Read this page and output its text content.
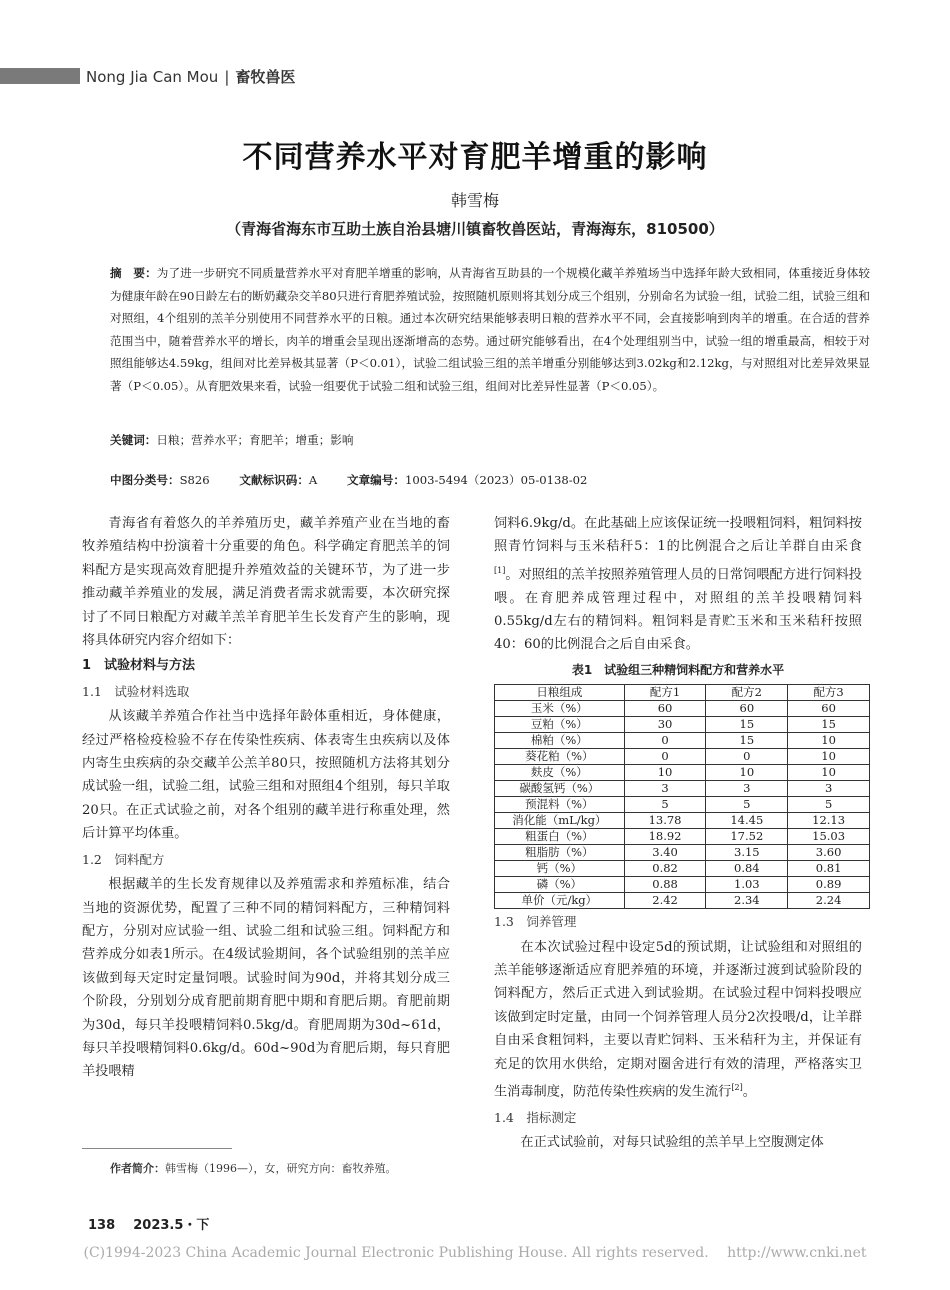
Nong Jia Can Mou | 畜牧兽医
不同营养水平对育肥羊增重的影响
韩雪梅
（青海省海东市互助土族自治县塘川镇畜牧兽医站，青海海东，810500）
摘　要：为了进一步研究不同质量营养水平对育肥羊增重的影响，从青海省互助县的一个规模化藏羊养殖场当中选择年龄大致相同，体重接近身体较为健康年龄在90日龄左右的断奶藏杂交羊80只进行育肥养殖试验，按照随机原则将其划分成三个组别，分别命名为试验一组，试验二组，试验三组和对照组，4个组别的羔羊分别使用不同营养水平的日粮。通过本次研究结果能够表明日粮的营养水平不同，会直接影响到肉羊的增重。在合适的营养范围当中，随着营养水平的增长，肉羊的增重会呈现出逐渐增高的态势。通过研究能够看出，在4个处理组别当中，试验一组的增重最高，相较于对照组能够达4.59kg，组间对比差异极其显著（P＜0.01），试验二组试验三组的羔羊增重分别能够达到3.02kg和2.12kg，与对照组对比差异效果显著（P＜0.05）。从育肥效果来看，试验一组要优于试验二组和试验三组，组间对比差异性显著（P＜0.05）。
关键词：日粮；营养水平；育肥羊；增重；影响
中图分类号：S826	文献标识码：A	文章编号：1003-5494（2023）05-0138-02

青海省有着悠久的羊养殖历史，藏羊养殖产业在当地的畜牧养殖结构中扮演着十分重要的角色。科学确定育肥羔羊的饲料配方是实现高效育肥提升养殖效益的关键环节，为了进一步推动藏羊养殖业的发展，满足消费者需求就需要，本次研究探讨了不同日粮配方对藏羊羔羊育肥羊生长发育产生的影响，现将具体研究内容介绍如下：

1　试验材料与方法
1.1　试验材料选取

从该藏羊养殖合作社当中选择年龄体重相近，身体健康，经过严格检疫检验不存在传染性疾病、体表寄生虫疾病以及体内寄生虫疾病的杂交藏羊公羔羊80只，按照随机方法将其划分成试验一组，试验二组，试验三组和对照组4个组别，每只羊取20只。在正式试验之前，对各个组别的藏羊进行称重处理，然后计算平均体重。

1.2　饲料配方

根据藏羊的生长发育规律以及养殖需求和养殖标准，结合当地的资源优势，配置了三种不同的精饲料配方，三种精饲料配方，分别对应试验一组、试验二组和试验三组。饲料配方和营养成分如表1所示。在4级试验期间，各个试验组别的羔羊应该做到每天定时定量饲喂。试验时间为90d，并将其划分成三个阶段，分别划分成育肥前期育肥中期和育肥后期。育肥前期为30d，每只羊投喂精饲料0.5kg/d。育肥周期为30d~61d，每只羊投喂精饲料0.6kg/d。60d~90d为育肥后期，每只育肥羊投喂精

饲料6.9kg/d。在此基础上应该保证统一投喂粗饲料，粗饲料按照青竹饲料与玉米秸秆5：1的比例混合之后让羊群自由采食[1]。对照组的羔羊按照养殖管理人员的日常饲喂配方进行饲料投喂。在育肥养成管理过程中，对照组的羔羊投喂精饲料0.55kg/d左右的精饲料。粗饲料是青贮玉米和玉米秸秆按照40：60的比例混合之后自由采食。

表1　试验组三种精饲料配方和营养水平
日粮组成	配方1	配方2	配方3
玉米（%）	60	60	60
豆粕（%）	30	15	15
棉粕（%）	0	15	10
葵花粕（%）	0	0	10
麸皮（%）	10	10	10
碳酸氢钙（%）	3	3	3
预混料（%）	5	5	5
消化能（mL/kg）	13.78	14.45	12.13
粗蛋白（%）	18.92	17.52	15.03
粗脂肪（%）	3.40	3.15	3.60
钙（%）	0.82	0.84	0.81
磷（%）	0.88	1.03	0.89
单价（元/kg）	2.42	2.34	2.24
1.3　饲养管理

在本次试验过程中设定5d的预试期，让试验组和对照组的羔羊能够逐渐适应育肥养殖的环境，并逐渐过渡到试验阶段的饲料配方，然后正式进入到试验期。在试验过程中饲料投喂应该做到定时定量，由同一个饲养管理人员分2次投喂/d，让羊群自由采食粗饲料，主要以青贮饲料、玉米秸秆为主，并保证有充足的饮用水供给，定期对圈舍进行有效的清理，严格落实卫生消毒制度，防范传染性疾病的发生流行[2]。

1.4　指标测定

在正式试验前，对每只试验组的羔羊早上空腹测定体

作者简介：韩雪梅（1996—），女，研究方向：畜牧养殖。
138 2023.5・下
(C)1994-2023 China Academic Journal Electronic Publishing House. All rights reserved.　 http://www.cnki.net
